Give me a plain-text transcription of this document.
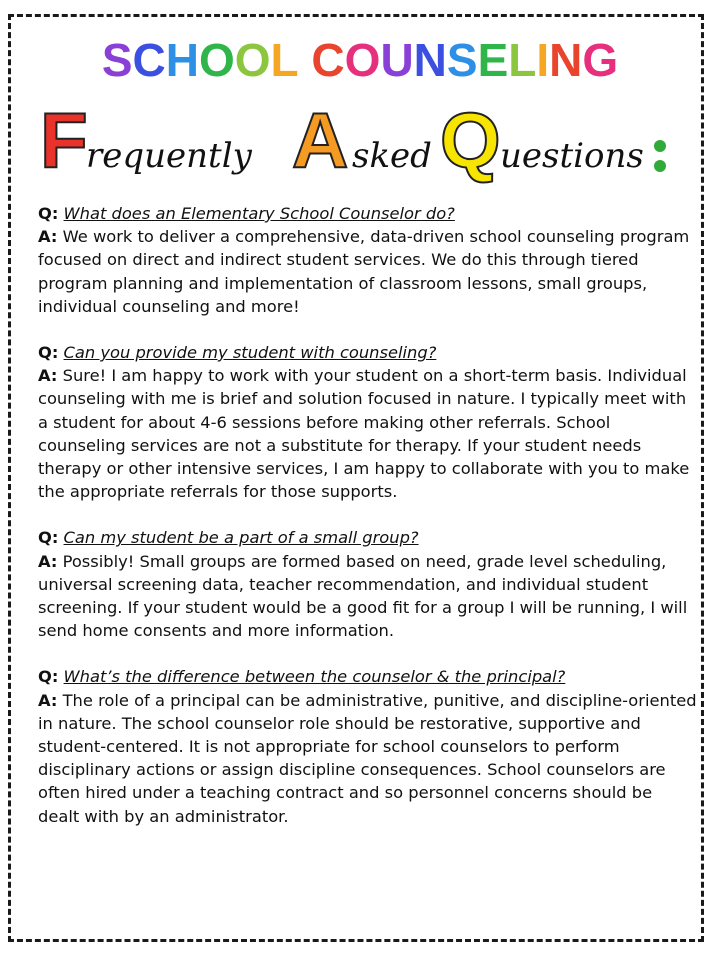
SCHOOL COUNSELING
F
requently A sked Q uestions
Q: What does an Elementary School Counselor do?
A: We work to deliver a comprehensive, data-driven school counseling program focused on direct and indirect student services. We do this through tiered program planning and implementation of classroom lessons, small groups, individual counseling and more!
Q: Can you provide my student with counseling?
A: Sure! I am happy to work with your student on a short-term basis. Individual counseling with me is brief and solution focused in nature. I typically meet with a student for about 4-6 sessions before making other referrals. School counseling services are not a substitute for therapy. If your student needs therapy or other intensive services, I am happy to collaborate with you to make the appropriate referrals for those supports.
Q: Can my student be a part of a small group?
A: Possibly! Small groups are formed based on need, grade level scheduling, universal screening data, teacher recommendation, and individual student screening. If your student would be a good fit for a group I will be running, I will send home consents and more information.
Q: What’s the difference between the counselor & the principal?
A: The role of a principal can be administrative, punitive, and discipline-oriented in nature. The school counselor role should be restorative, supportive and student-centered. It is not appropriate for school counselors to perform disciplinary actions or assign discipline consequences. School counselors are often hired under a teaching contract and so personnel concerns should be dealt with by an administrator.
